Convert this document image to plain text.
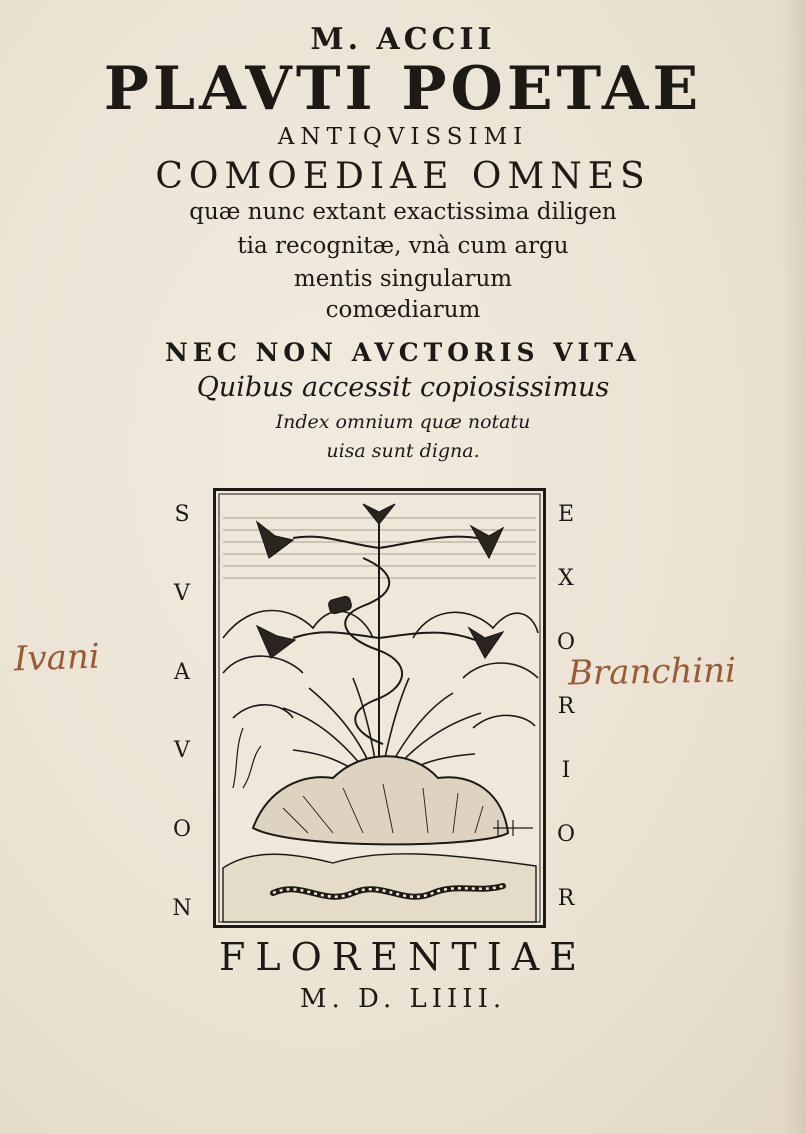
M. ACCII
PLAVTI POETAE
ANTIQVISSIMI
COMOEDIAE OMNES
quæ nunc extant exactissima diligen
tia recognitæ, vnà cum argu
mentis singularum
comœdiarum
NEC NON AVCTORIS VITA
Quibus accessit copiosissimus
Index omnium quæ notatu
uisa sunt digna.
S
V
A
V
O
N
E
X
O
R
I
O
R
Ivani	Branchini
FLORENTIAE
M. D. LIIII.
